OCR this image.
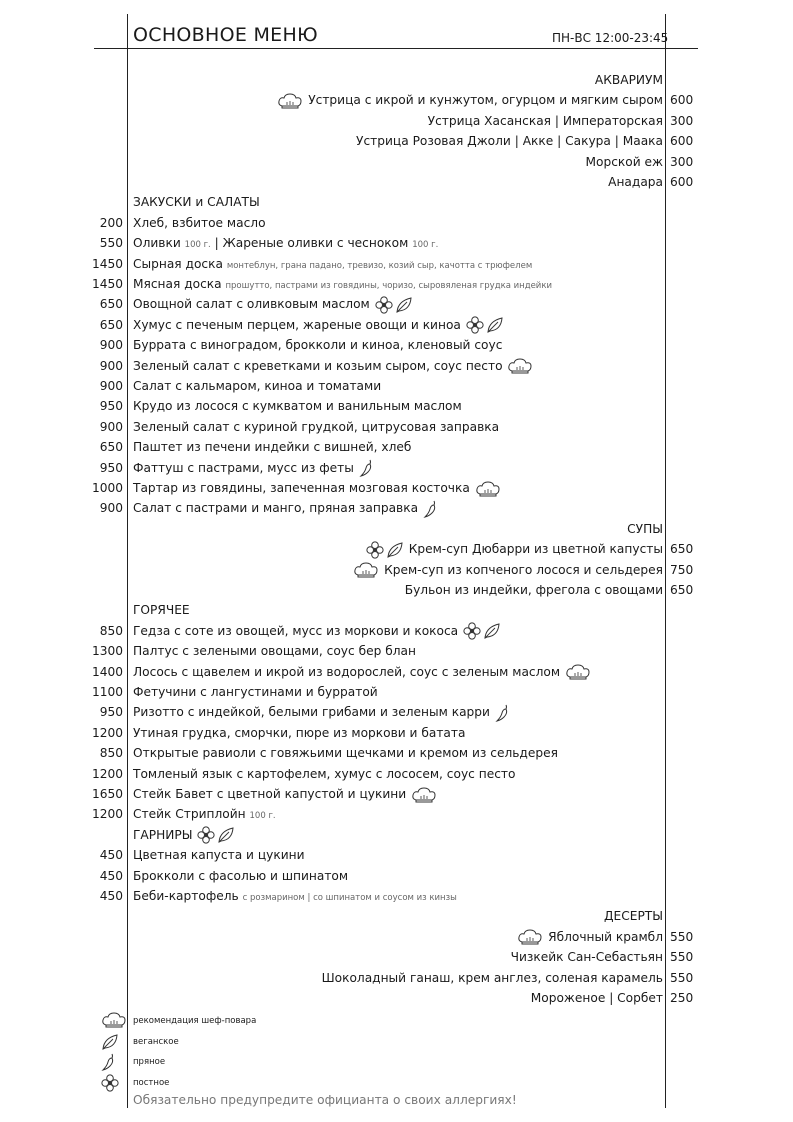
ОСНОВНОЕ МЕНЮ	ПН-ВС 12:00-23:45
АКВАРИУМ
Устрица с икрой и кунжутом, огурцом и мягким сыром 600
Устрица Хасанская | Императорская 300
Устрица Розовая Джоли | Акке | Сакура | Маака 600
Морской еж 300
Анадара 600
ЗАКУСКИ и САЛАТЫ
200 Хлеб, взбитое масло
550 Оливки 100 г. | Жареные оливки с чесноком 100 г.
1450 Сырная доска монтеблун, грана падано, тревизо, козий сыр, качотта с трюфелем
1450 Мясная доска прошутто, пастрами из говядины, чоризо, сыровяленая грудка индейки
650 Овощной салат с оливковым маслом
650 Хумус с печеным перцем, жареные овощи и киноа
900 Буррата с виноградом, брокколи и киноа, кленовый соус
900 Зеленый салат с креветками и козьим сыром, соус песто
900 Салат с кальмаром, киноа и томатами
950 Крудо из лосося с кумкватом и ванильным маслом
900 Зеленый салат с куриной грудкой, цитрусовая заправка
650 Паштет из печени индейки с вишней, хлеб
950 Фаттуш с пастрами, мусс из феты
1000 Тартар из говядины, запеченная мозговая косточка
900 Салат с пастрами и манго, пряная заправка
СУПЫ
Крем-суп Дюбарри из цветной капусты 650
Крем-суп из копченого лосося и сельдерея 750
Бульон из индейки, фрегола с овощами 650
ГОРЯЧЕЕ
850 Гедза с соте из овощей, мусс из моркови и кокоса
1300 Палтус с зелеными овощами, соус бер блан
1400 Лосось с щавелем и икрой из водорослей, соус с зеленым маслом
1100 Фетучини с лангустинами и бурратой
950 Ризотто с индейкой, белыми грибами и зеленым карри
1200 Утиная грудка, сморчки, пюре из моркови и батата
850 Открытые равиоли с говяжьими щечками и кремом из сельдерея
1200 Томленый язык с картофелем, хумус с лососем, соус песто
1650 Стейк Бавет с цветной капустой и цукини
1200 Стейк Стриплойн 100 г.
ГАРНИРЫ
450 Цветная капуста и цукини
450 Брокколи с фасолью и шпинатом
450 Беби-картофель с розмарином | со шпинатом и соусом из кинзы
ДЕСЕРТЫ
Яблочный крамбл 550
Чизкейк Сан-Себастьян 550
Шоколадный ганаш, крем англез, соленая карамель 550
Мороженое | Сорбет 250
рекомендация шеф-повара
веганское
пряное
постное
Обязательно предупредите официанта о своих аллергиях!
